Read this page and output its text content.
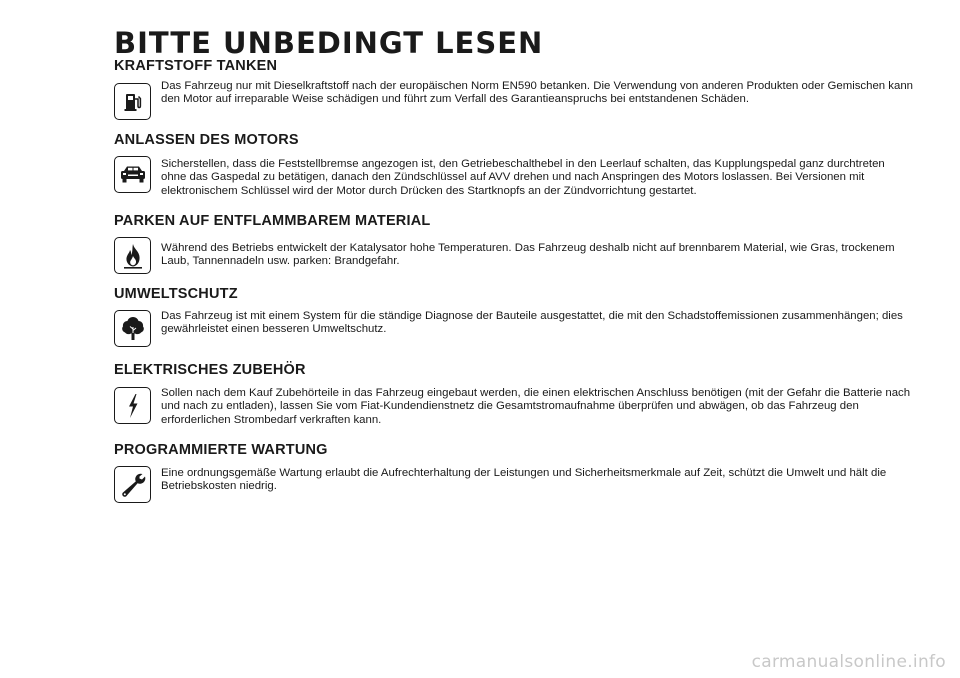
BITTE UNBEDINGT LESEN
KRAFTSTOFF TANKEN

Das Fahrzeug nur mit Dieselkraftstoff nach der europäischen Norm EN590 betanken. Die Verwendung von anderen Produkten oder Gemischen kann den Motor auf irreparable Weise schädigen und führt zum Verfall des Garantieanspruchs bei entstandenen Schäden.

ANLASSEN DES MOTORS

Sicherstellen, dass die Feststellbremse angezogen ist, den Getriebeschalthebel in den Leerlauf schalten, das Kupplungspedal ganz durchtreten ohne das Gaspedal zu betätigen, danach den Zündschlüssel auf AVV drehen und nach Anspringen des Motors loslassen. Bei Versionen mit elektronischem Schlüssel wird der Motor durch Drücken des Startknopfs an der Zündvorrichtung gestartet.

PARKEN AUF ENTFLAMMBAREM MATERIAL

Während des Betriebs entwickelt der Katalysator hohe Temperaturen. Das Fahrzeug deshalb nicht auf brennbarem Material, wie Gras, trockenem Laub, Tannennadeln usw. parken: Brandgefahr.

UMWELTSCHUTZ

Das Fahrzeug ist mit einem System für die ständige Diagnose der Bauteile ausgestattet, die mit den Schadstoffemissionen zusammenhängen; dies gewährleistet einen besseren Umweltschutz.

ELEKTRISCHES ZUBEHÖR

Sollen nach dem Kauf Zubehörteile in das Fahrzeug eingebaut werden, die einen elektrischen Anschluss benötigen (mit der Gefahr die Batterie nach und nach zu entladen), lassen Sie vom Fiat-Kundendienstnetz die Gesamtstromaufnahme überprüfen und abwägen, ob das Fahrzeug den erforderlichen Strombedarf verkraften kann.

PROGRAMMIERTE WARTUNG

Eine ordnungsgemäße Wartung erlaubt die Aufrechterhaltung der Leistungen und Sicherheitsmerkmale auf Zeit, schützt die Umwelt und hält die Betriebskosten niedrig.

carmanualsonline.info
